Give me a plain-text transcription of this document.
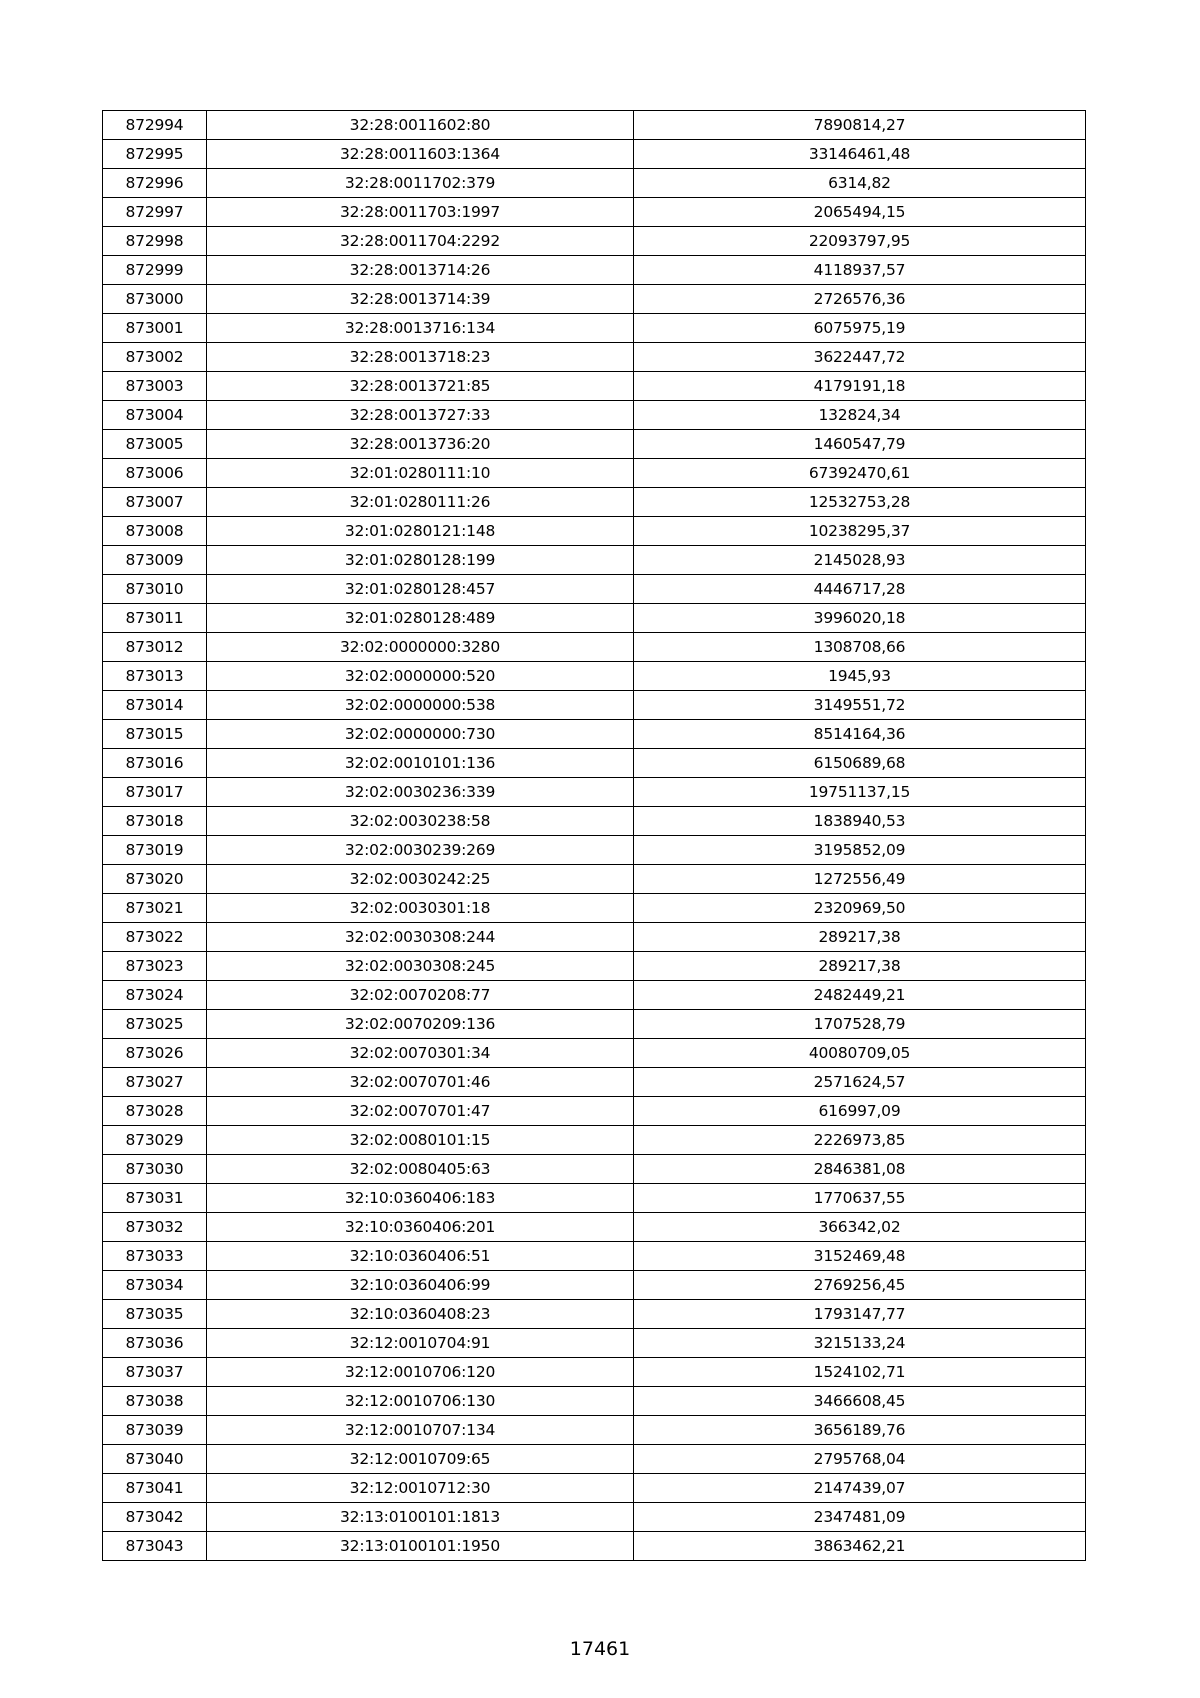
872994	32:28:0011602:80	7890814,27
872995	32:28:0011603:1364	33146461,48
872996	32:28:0011702:379	6314,82
872997	32:28:0011703:1997	2065494,15
872998	32:28:0011704:2292	22093797,95
872999	32:28:0013714:26	4118937,57
873000	32:28:0013714:39	2726576,36
873001	32:28:0013716:134	6075975,19
873002	32:28:0013718:23	3622447,72
873003	32:28:0013721:85	4179191,18
873004	32:28:0013727:33	132824,34
873005	32:28:0013736:20	1460547,79
873006	32:01:0280111:10	67392470,61
873007	32:01:0280111:26	12532753,28
873008	32:01:0280121:148	10238295,37
873009	32:01:0280128:199	2145028,93
873010	32:01:0280128:457	4446717,28
873011	32:01:0280128:489	3996020,18
873012	32:02:0000000:3280	1308708,66
873013	32:02:0000000:520	1945,93
873014	32:02:0000000:538	3149551,72
873015	32:02:0000000:730	8514164,36
873016	32:02:0010101:136	6150689,68
873017	32:02:0030236:339	19751137,15
873018	32:02:0030238:58	1838940,53
873019	32:02:0030239:269	3195852,09
873020	32:02:0030242:25	1272556,49
873021	32:02:0030301:18	2320969,50
873022	32:02:0030308:244	289217,38
873023	32:02:0030308:245	289217,38
873024	32:02:0070208:77	2482449,21
873025	32:02:0070209:136	1707528,79
873026	32:02:0070301:34	40080709,05
873027	32:02:0070701:46	2571624,57
873028	32:02:0070701:47	616997,09
873029	32:02:0080101:15	2226973,85
873030	32:02:0080405:63	2846381,08
873031	32:10:0360406:183	1770637,55
873032	32:10:0360406:201	366342,02
873033	32:10:0360406:51	3152469,48
873034	32:10:0360406:99	2769256,45
873035	32:10:0360408:23	1793147,77
873036	32:12:0010704:91	3215133,24
873037	32:12:0010706:120	1524102,71
873038	32:12:0010706:130	3466608,45
873039	32:12:0010707:134	3656189,76
873040	32:12:0010709:65	2795768,04
873041	32:12:0010712:30	2147439,07
873042	32:13:0100101:1813	2347481,09
873043	32:13:0100101:1950	3863462,21
17461
